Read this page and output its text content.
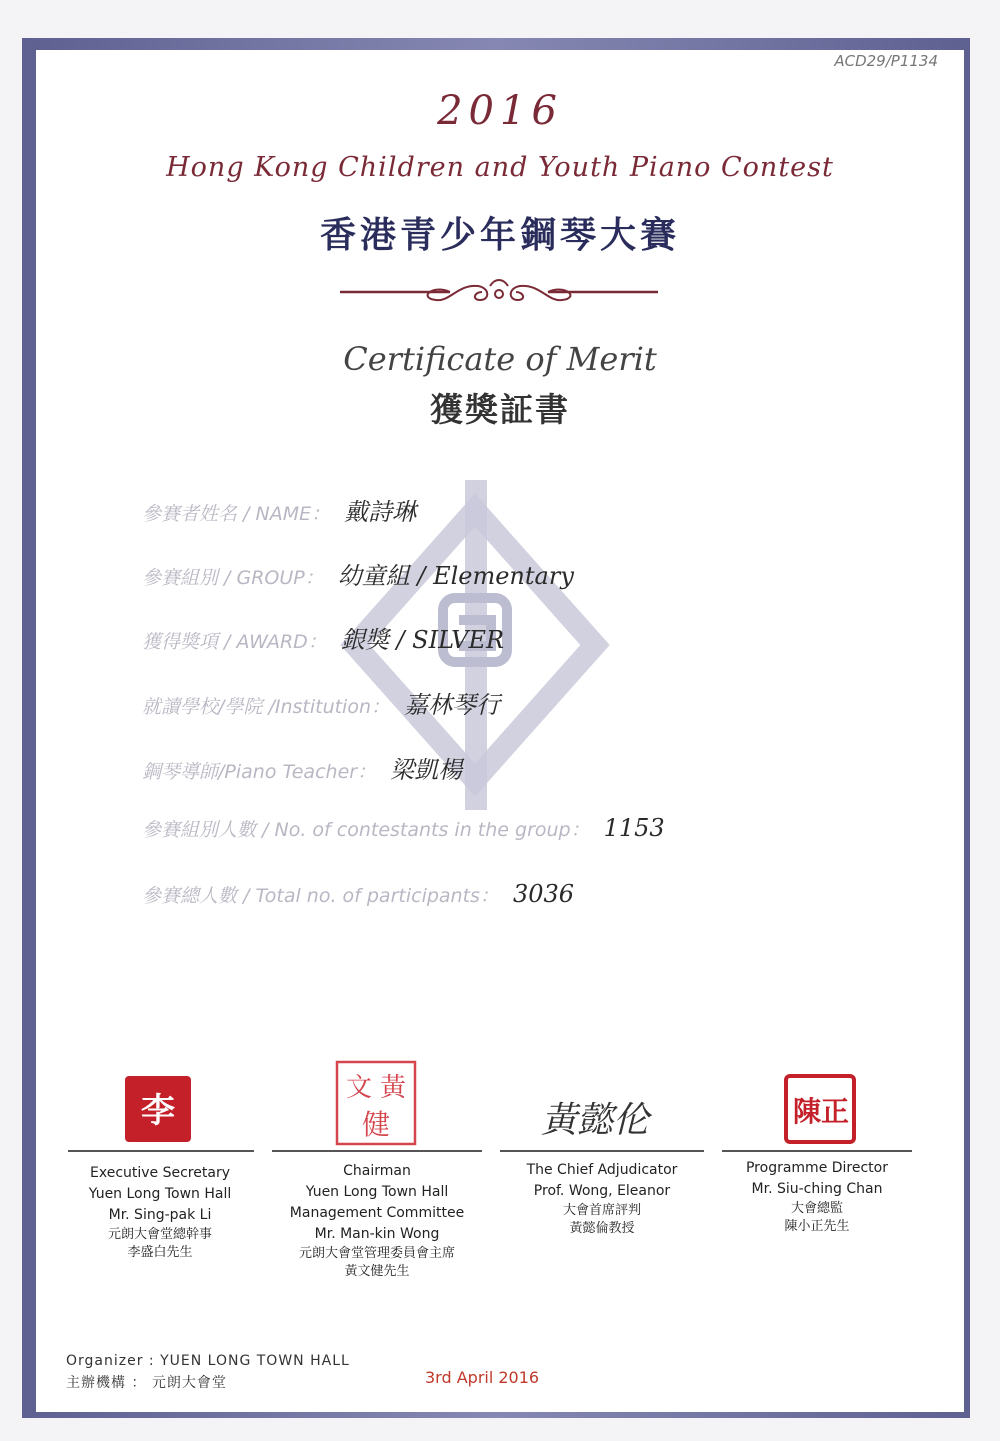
ACD29/P1134
2016
Hong Kong Children and Youth Piano Contest
香港青少年鋼琴大賽
Certificate of Merit
獲獎証書
參賽者姓名 / NAME： 戴詩琳
參賽組別 / GROUP： 幼童組 / Elementary
獲得獎項 / AWARD： 銀獎 / SILVER
就讀學校/學院 /Institution： 嘉林琴行
鋼琴導師/Piano Teacher： 梁凱楊
參賽組別人數 / No. of contestants in the group： 1153
參賽總人數 / Total no. of participants： 3036
李
黃
文
健	黃懿伦	陳 正
Executive Secretary
Yuen Long Town Hall
Mr. Sing-pak Li
元朗大會堂總幹事
李盛白先生
Chairman
Yuen Long Town Hall
Management Committee
Mr. Man-kin Wong
元朗大會堂管理委員會主席
黃文健先生
The Chief Adjudicator
Prof. Wong, Eleanor
大會首席評判
黃懿倫教授
Programme Director
Mr. Siu-ching Chan
大會總監
陳小正先生
Organizer : YUEN LONG TOWN HALL
主辦機構 ： 元朗大會堂	3rd April 2016
